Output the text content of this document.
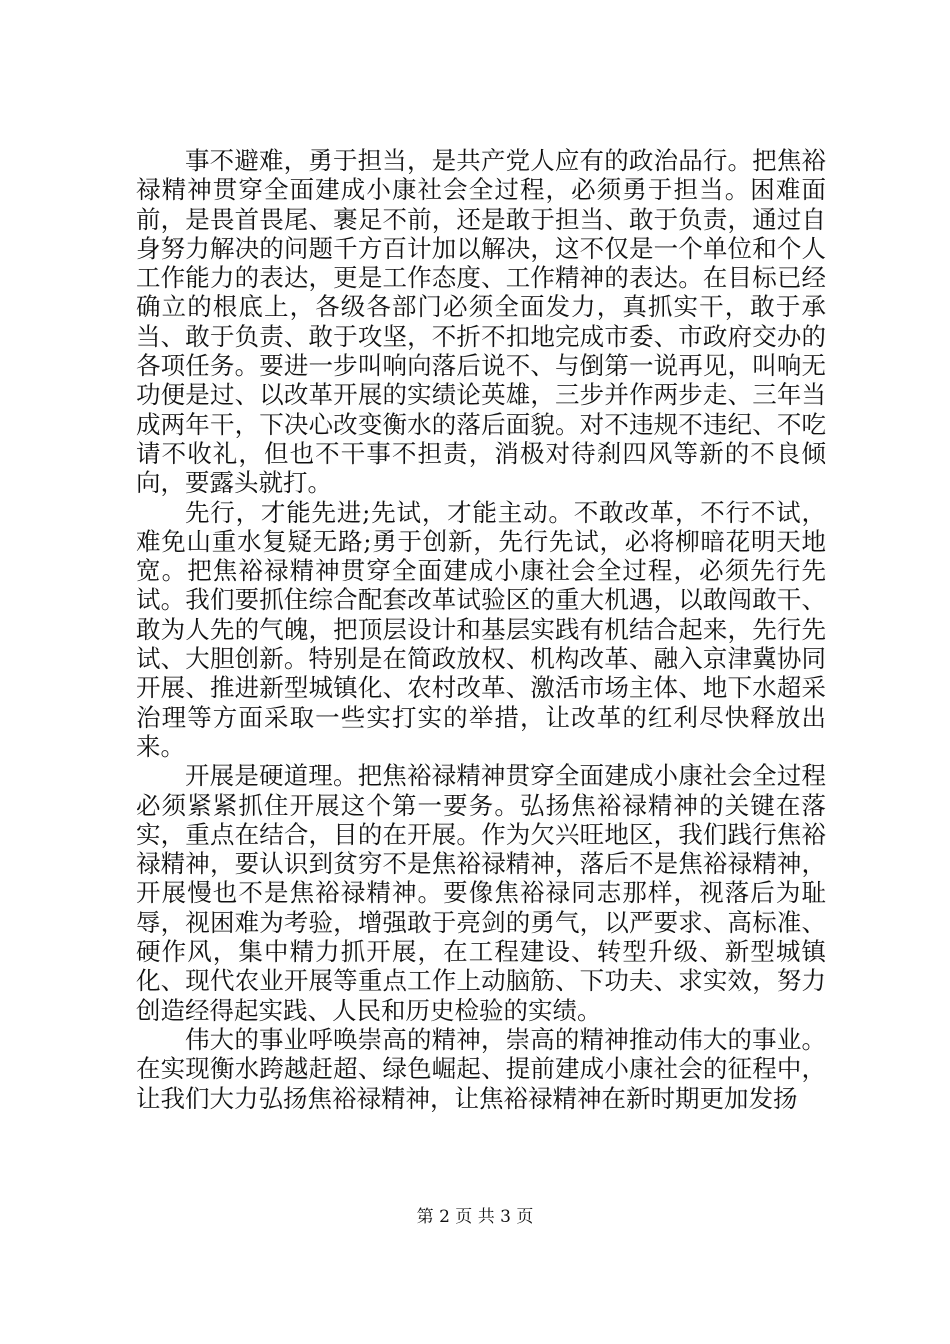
事不避难，勇于担当，是共产党人应有的政治品行。把焦裕禄精神贯穿全面建成小康社会全过程，必须勇于担当。困难面前，是畏首畏尾、裹足不前，还是敢于担当、敢于负责，通过自身努力解决的问题千方百计加以解决，这不仅是一个单位和个人工作能力的表达，更是工作态度、工作精神的表达。在目标已经确立的根底上，各级各部门必须全面发力，真抓实干，敢于承当、敢于负责、敢于攻坚，不折不扣地完成市委、市政府交办的各项任务。要进一步叫响向落后说不、与倒第一说再见，叫响无功便是过、以改革开展的实绩论英雄，三步并作两步走、三年当成两年干，下决心改变衡水的落后面貌。对不违规不违纪、不吃请不收礼，但也不干事不担责，消极对待刹四风等新的不良倾向，要露头就打。

先行，才能先进;先试，才能主动。不敢改革，不行不试，难免山重水复疑无路;勇于创新，先行先试，必将柳暗花明天地宽。把焦裕禄精神贯穿全面建成小康社会全过程，必须先行先试。我们要抓住综合配套改革试验区的重大机遇，以敢闯敢干、敢为人先的气魄，把顶层设计和基层实践有机结合起来，先行先试、大胆创新。特别是在简政放权、机构改革、融入京津冀协同开展、推进新型城镇化、农村改革、激活市场主体、地下水超采治理等方面采取一些实打实的举措，让改革的红利尽快释放出来。

开展是硬道理。把焦裕禄精神贯穿全面建成小康社会全过程必须紧紧抓住开展这个第一要务。弘扬焦裕禄精神的关键在落实，重点在结合，目的在开展。作为欠兴旺地区，我们践行焦裕禄精神，要认识到贫穷不是焦裕禄精神，落后不是焦裕禄精神，开展慢也不是焦裕禄精神。要像焦裕禄同志那样，视落后为耻辱，视困难为考验，增强敢于亮剑的勇气，以严要求、高标准、硬作风，集中精力抓开展，在工程建设、转型升级、新型城镇化、现代农业开展等重点工作上动脑筋、下功夫、求实效，努力创造经得起实践、人民和历史检验的实绩。

伟大的事业呼唤崇高的精神，崇高的精神推动伟大的事业。在实现衡水跨越赶超、绿色崛起、提前建成小康社会的征程中，让我们大力弘扬焦裕禄精神，让焦裕禄精神在新时期更加发扬

第 2 页 共 3 页
